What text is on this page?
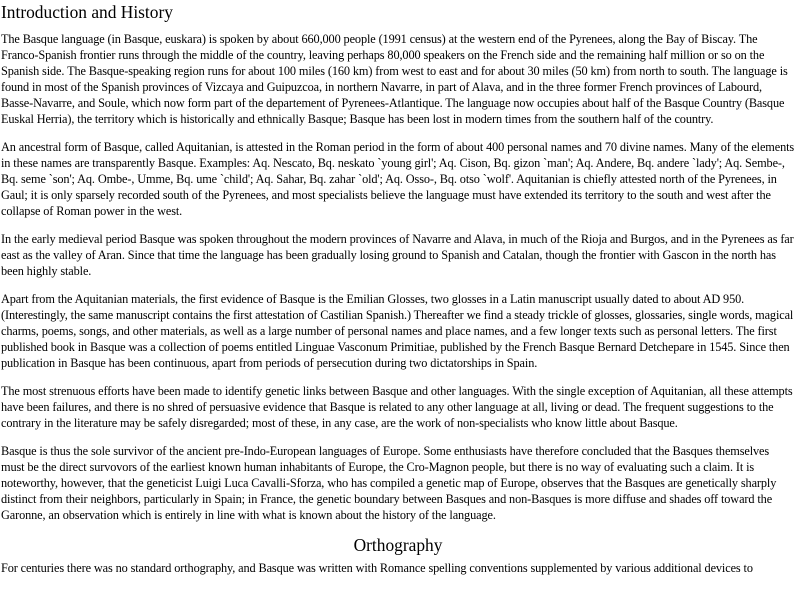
Introduction and History

The Basque language (in Basque, euskara) is spoken by about 660,000 people (1991 census) at the western end of the Pyrenees, along the Bay of Biscay. The Franco-Spanish frontier runs through the middle of the country, leaving perhaps 80,000 speakers on the French side and the remaining half million or so on the Spanish side. The Basque-speaking region runs for about 100 miles (160 km) from west to east and for about 30 miles (50 km) from north to south. The language is found in most of the Spanish provinces of Vizcaya and Guipuzcoa, in northern Navarre, in part of Alava, and in the three former French provinces of Labourd, Basse-Navarre, and Soule, which now form part of the departement of Pyrenees-Atlantique. The language now occupies about half of the Basque Country (Basque Euskal Herria), the territory which is historically and ethnically Basque; Basque has been lost in modern times from the southern half of the country.

An ancestral form of Basque, called Aquitanian, is attested in the Roman period in the form of about 400 personal names and 70 divine names. Many of the elements in these names are transparently Basque. Examples: Aq. Nescato, Bq. neskato `young girl'; Aq. Cison, Bq. gizon `man'; Aq. Andere, Bq. andere `lady'; Aq. Sembe-, Bq. seme `son'; Aq. Ombe-, Umme, Bq. ume `child'; Aq. Sahar, Bq. zahar `old'; Aq. Osso-, Bq. otso `wolf'. Aquitanian is chiefly attested north of the Pyrenees, in Gaul; it is only sparsely recorded south of the Pyrenees, and most specialists believe the language must have extended its territory to the south and west after the collapse of Roman power in the west.

In the early medieval period Basque was spoken throughout the modern provinces of Navarre and Alava, in much of the Rioja and Burgos, and in the Pyrenees as far east as the valley of Aran. Since that time the language has been gradually losing ground to Spanish and Catalan, though the frontier with Gascon in the north has been highly stable.

Apart from the Aquitanian materials, the first evidence of Basque is the Emilian Glosses, two glosses in a Latin manuscript usually dated to about AD 950. (Interestingly, the same manuscript contains the first attestation of Castilian Spanish.) Thereafter we find a steady trickle of glosses, glossaries, single words, magical charms, poems, songs, and other materials, as well as a large number of personal names and place names, and a few longer texts such as personal letters. The first published book in Basque was a collection of poems entitled Linguae Vasconum Primitiae, published by the French Basque Bernard Detchepare in 1545. Since then publication in Basque has been continuous, apart from periods of persecution during two dictatorships in Spain.

The most strenuous efforts have been made to identify genetic links between Basque and other languages. With the single exception of Aquitanian, all these attempts have been failures, and there is no shred of persuasive evidence that Basque is related to any other language at all, living or dead. The frequent suggestions to the contrary in the literature may be safely disregarded; most of these, in any case, are the work of non-specialists who know little about Basque.

Basque is thus the sole survivor of the ancient pre-Indo-European languages of Europe. Some enthusiasts have therefore concluded that the Basques themselves must be the direct survovors of the earliest known human inhabitants of Europe, the Cro-Magnon people, but there is no way of evaluating such a claim. It is noteworthy, however, that the geneticist Luigi Luca Cavalli-Sforza, who has compiled a genetic map of Europe, observes that the Basques are genetically sharply distinct from their neighbors, particularly in Spain; in France, the genetic boundary between Basques and non-Basques is more diffuse and shades off toward the Garonne, an observation which is entirely in line with what is known about the history of the language.

Orthography

For centuries there was no standard orthography, and Basque was written with Romance spelling conventions supplemented by various additional devices to
